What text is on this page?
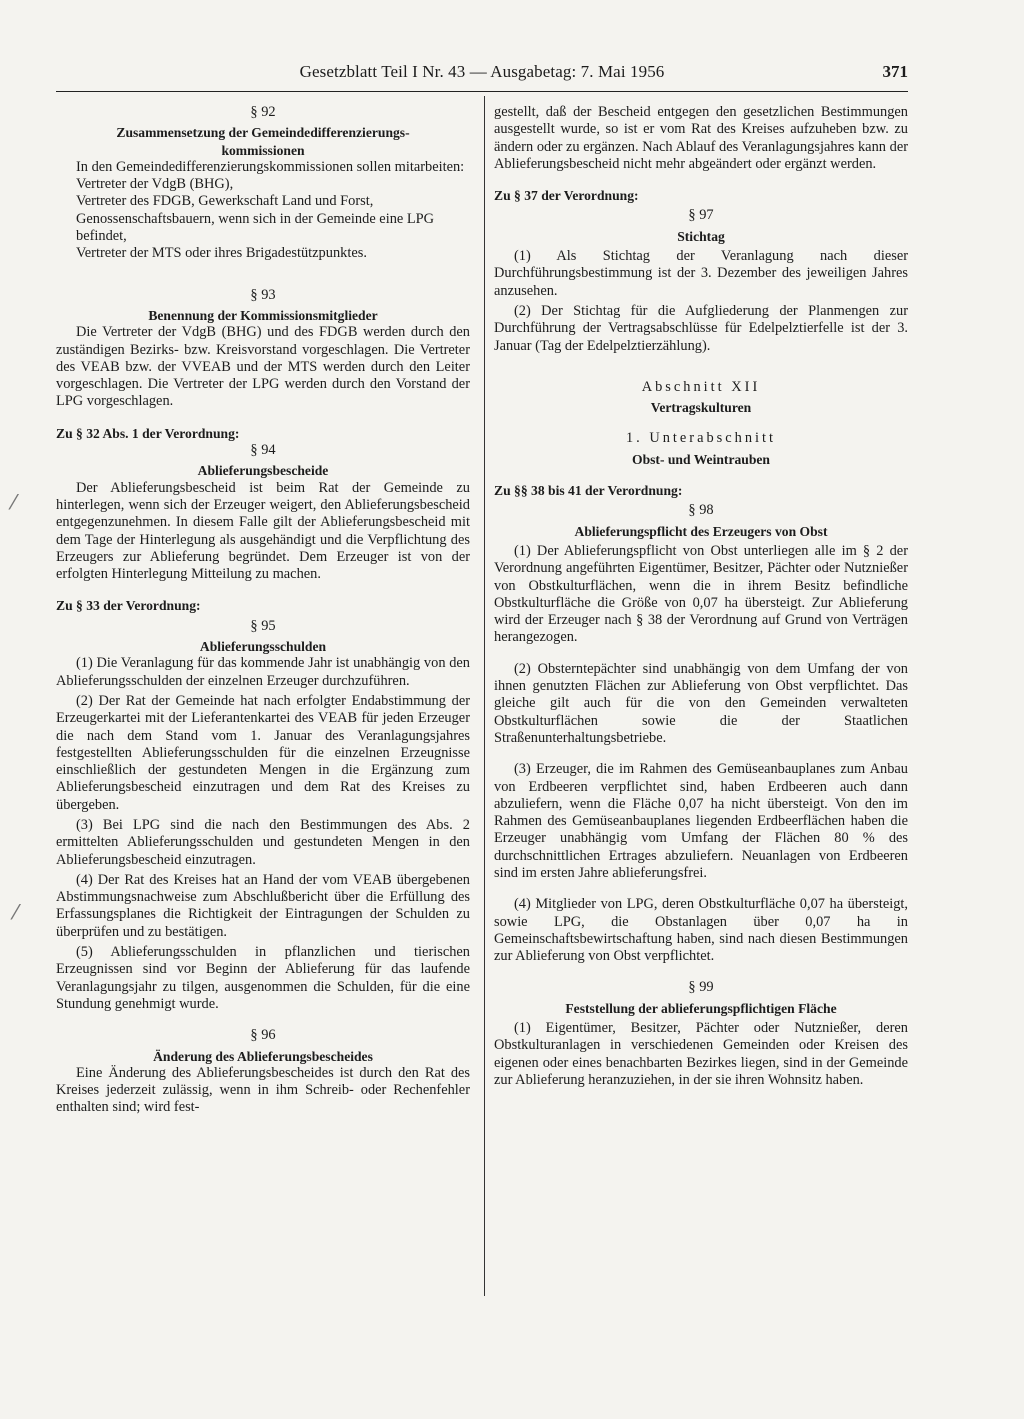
Gesetzblatt Teil I Nr. 43 — Ausgabetag: 7. Mai 1956	371
⁄
⁄
§ 92
Zusammensetzung der Gemeindedifferenzierungs-
kommissionen

In den Gemeindedifferenzierungskommissionen sollen mitarbeiten:

Vertreter der VdgB (BHG),
Vertreter des FDGB, Gewerkschaft Land und Forst, Genossenschaftsbauern, wenn sich in der Gemeinde eine LPG befindet,
Vertreter der MTS oder ihres Brigadestützpunktes.
§ 93
Benennung der Kommissionsmitglieder

Die Vertreter der VdgB (BHG) und des FDGB werden durch den zuständigen Bezirks- bzw. Kreisvorstand vorgeschlagen. Die Vertreter des VEAB bzw. der VVEAB und der MTS werden durch den Leiter vorgeschlagen. Die Vertreter der LPG werden durch den Vorstand der LPG vorgeschlagen.

Zu § 32 Abs. 1 der Verordnung:
§ 94
Ablieferungsbescheide

Der Ablieferungsbescheid ist beim Rat der Gemeinde zu hinterlegen, wenn sich der Erzeuger weigert, den Ablieferungsbescheid entgegenzunehmen. In diesem Falle gilt der Ablieferungsbescheid mit dem Tage der Hinterlegung als ausgehändigt und die Verpflichtung des Erzeugers zur Ablieferung begründet. Dem Erzeuger ist von der erfolgten Hinterlegung Mitteilung zu machen.

Zu § 33 der Verordnung:
§ 95
Ablieferungsschulden

(1) Die Veranlagung für das kommende Jahr ist unabhängig von den Ablieferungsschulden der einzelnen Erzeuger durchzuführen.

(2) Der Rat der Gemeinde hat nach erfolgter Endabstimmung der Erzeugerkartei mit der Lieferantenkartei des VEAB für jeden Erzeuger die nach dem Stand vom 1. Januar des Veranlagungsjahres festgestellten Ablieferungsschulden für die einzelnen Erzeugnisse einschließlich der gestundeten Mengen in die Ergänzung zum Ablieferungsbescheid einzutragen und dem Rat des Kreises zu übergeben.

(3) Bei LPG sind die nach den Bestimmungen des Abs. 2 ermittelten Ablieferungsschulden und gestundeten Mengen in den Ablieferungsbescheid einzutragen.

(4) Der Rat des Kreises hat an Hand der vom VEAB übergebenen Abstimmungsnachweise zum Abschlußbericht über die Erfüllung des Erfassungsplanes die Richtigkeit der Eintragungen der Schulden zu überprüfen und zu bestätigen.

(5) Ablieferungsschulden in pflanzlichen und tierischen Erzeugnissen sind vor Beginn der Ablieferung für das laufende Veranlagungsjahr zu tilgen, ausgenommen die Schulden, für die eine Stundung genehmigt wurde.

§ 96
Änderung des Ablieferungsbescheides

Eine Änderung des Ablieferungsbescheides ist durch den Rat des Kreises jederzeit zulässig, wenn in ihm Schreib- oder Rechenfehler enthalten sind; wird fest-

gestellt, daß der Bescheid entgegen den gesetzlichen Bestimmungen ausgestellt wurde, so ist er vom Rat des Kreises aufzuheben bzw. zu ändern oder zu ergänzen. Nach Ablauf des Veranlagungsjahres kann der Ablieferungsbescheid nicht mehr abgeändert oder ergänzt werden.

Zu § 37 der Verordnung:
§ 97
Stichtag

(1) Als Stichtag der Veranlagung nach dieser Durchführungsbestimmung ist der 3. Dezember des jeweiligen Jahres anzusehen.

(2) Der Stichtag für die Aufgliederung der Planmengen zur Durchführung der Vertragsabschlüsse für Edelpelztierfelle ist der 3. Januar (Tag der Edelpelztierzählung).

Abschnitt XII
Vertragskulturen
1. Unterabschnitt
Obst- und Weintrauben
Zu §§ 38 bis 41 der Verordnung:
§ 98
Ablieferungspflicht des Erzeugers von Obst

(1) Der Ablieferungspflicht von Obst unterliegen alle im § 2 der Verordnung angeführten Eigentümer, Besitzer, Pächter oder Nutznießer von Obstkulturflächen, wenn die in ihrem Besitz befindliche Obstkulturfläche die Größe von 0,07 ha übersteigt. Zur Ablieferung wird der Erzeuger nach § 38 der Verordnung auf Grund von Verträgen herangezogen.

(2) Obsterntepächter sind unabhängig von dem Umfang der von ihnen genutzten Flächen zur Ablieferung von Obst verpflichtet. Das gleiche gilt auch für die von den Gemeinden verwalteten Obstkulturflächen sowie die der Staatlichen Straßenunterhaltungsbetriebe.

(3) Erzeuger, die im Rahmen des Gemüseanbauplanes zum Anbau von Erdbeeren verpflichtet sind, haben Erdbeeren auch dann abzuliefern, wenn die Fläche 0,07 ha nicht übersteigt. Von den im Rahmen des Gemüseanbauplanes liegenden Erdbeerflächen haben die Erzeuger unabhängig vom Umfang der Flächen 80 % des durchschnittlichen Ertrages abzuliefern. Neuanlagen von Erdbeeren sind im ersten Jahre ablieferungsfrei.

(4) Mitglieder von LPG, deren Obstkulturfläche 0,07 ha übersteigt, sowie LPG, die Obstanlagen über 0,07 ha in Gemeinschaftsbewirtschaftung haben, sind nach diesen Bestimmungen zur Ablieferung von Obst verpflichtet.

§ 99
Feststellung der ablieferungspflichtigen Fläche

(1) Eigentümer, Besitzer, Pächter oder Nutznießer, deren Obstkulturanlagen in verschiedenen Gemeinden oder Kreisen des eigenen oder eines benachbarten Bezirkes liegen, sind in der Gemeinde zur Ablieferung heranzuziehen, in der sie ihren Wohnsitz haben.
